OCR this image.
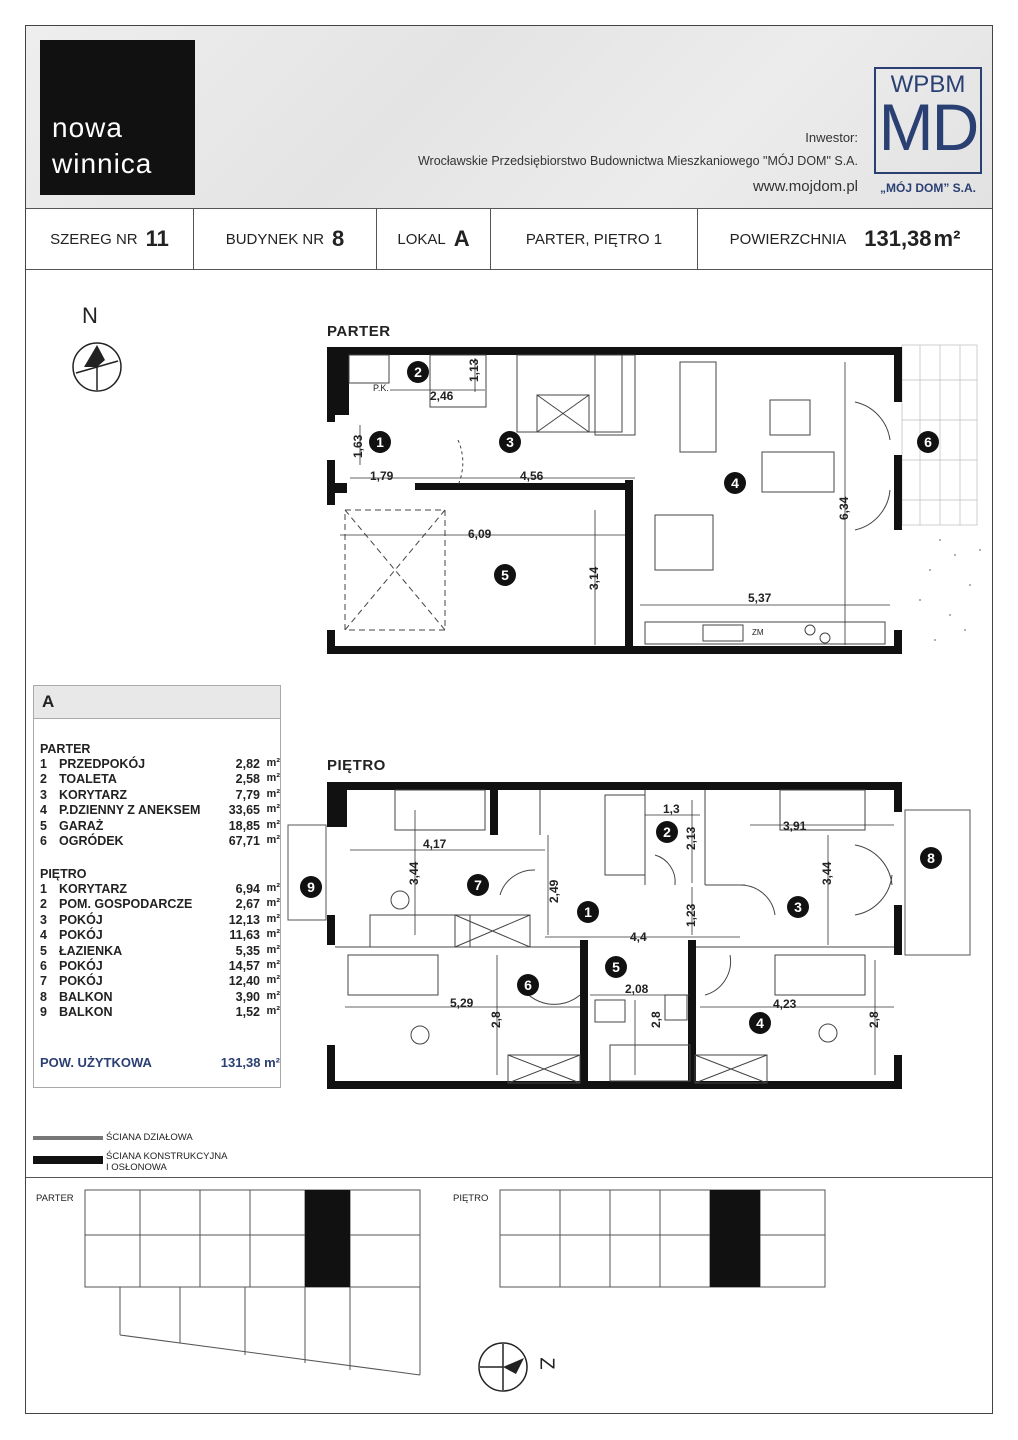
nowa
winnica
Inwestor:
Wrocławskie Przedsiębiorstwo Budownictwa Mieszkaniowego "MÓJ DOM" S.A.
www.mojdom.pl
WPBM
MD
„MÓJ DOM” S.A.
SZEREG NR 11	BUDYNEK NR 8	LOKAL A	PARTER, PIĘTRO 1	POWIERZCHNIA 131,38 m²
N
PARTER
2,46
1,13
1,63
1,79	4,56
6,09
3,14
6,34
5,37
P.K.
ZM
2
1	3
4
5
6
A
PARTER
1 PRZEDPOKÓJ	2,82 m²
2 TOALETA	2,58 m²
3 KORYTARZ	7,79 m²
4 P.DZIENNY Z ANEKSEM 33,65 m²
5 GARAŻ	18,85 m²
6 OGRÓDEK	67,71 m²
PIĘTRO
1 KORYTARZ	6,94 m²
2 POM. GOSPODARCZE	2,67 m²
3 POKÓJ	12,13 m²
4 POKÓJ	11,63 m²
5 ŁAZIENKA	5,35 m²
6 POKÓJ	14,57 m²
7 POKÓJ	12,40 m²
8 BALKON	3,90 m²
9 BALKON	1,52 m²
POW. UŻYTKOWA	131,38 m²
PIĘTRO
1,3
2,13
3,91
4,17
3,44	3,44
2,49
1,23
4,4
2,08
5,29
2,8	2,8
4,23
2,8
1
2
3
4
5
6
7
8
9
ŚCIANA DZIAŁOWA
ŚCIANA KONSTRUKCYJNA
I OSŁONOWA
PARTER	PIĘTRO
Z
